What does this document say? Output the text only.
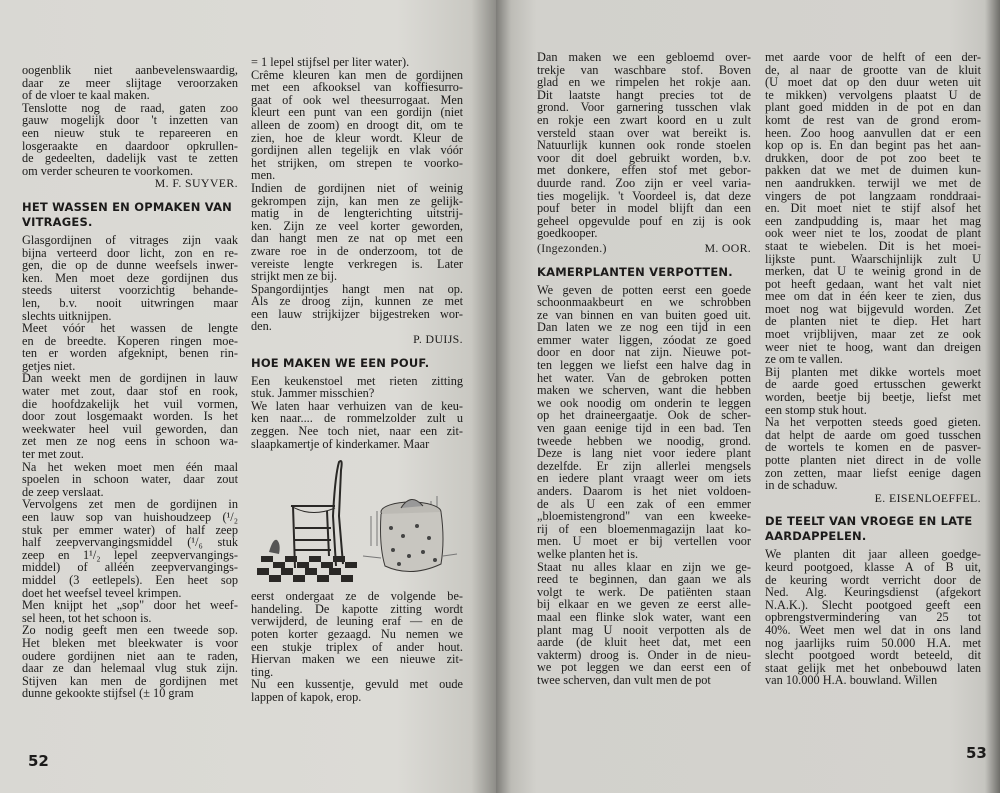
oogenblik niet aanbevelenswaardig,
daar ze meer slijtage veroorzaken
of de vloer te kaal maken.
Tenslotte nog de raad, gaten zoo
gauw mogelijk door 't inzetten van
een nieuw stuk te repareeren en
losgeraakte en daardoor opkrullen-
de gedeelten, dadelijk vast te zetten
om verder scheuren te voorkomen.
M. F. SUYVER.
HET WASSEN EN OPMAKEN VAN
VITRAGES.
Glasgordijnen of vitrages zijn vaak
bijna verteerd door licht, zon en re-
gen, die op de dunne weefsels inwer-
ken. Men moet deze gordijnen dus
steeds uiterst voorzichtig behande-
len, b.v. nooit uitwringen maar
slechts uitknijpen.
Meet vóór het wassen de lengte
en de breedte. Koperen ringen moe-
ten er worden afgeknipt, benen rin-
getjes niet.
Dan weekt men de gordijnen in lauw
water met zout, daar stof en rook,
die hoofdzakelijk het vuil vormen,
door zout losgemaakt worden. Is het
weekwater heel vuil geworden, dan
zet men ze nog eens in schoon wa-
ter met zout.
Na het weken moet men één maal
spoelen in schoon water, daar zout
de zeep verslaat.
Vervolgens zet men de gordijnen in
een lauw sop van huishoudzeep (¹/₂
stuk per emmer water) of half zeep
half zeepvervangingsmiddel (¹/₆ stuk
zeep en 1¹/₂ lepel zeepvervangings-
middel) of alléén zeepvervangings-
middel (3 eetlepels). Een heet sop
doet het weefsel teveel krimpen.
Men knijpt het „sop" door het weef-
sel heen, tot het schoon is.
Zo nodig geeft men een tweede sop.
Het bleken met bleekwater is voor
oudere gordijnen niet aan te raden,
daar ze dan helemaal vlug stuk zijn.
Stijven kan men de gordijnen met
dunne gekookte stijfsel (± 10 gram
= 1 lepel stijfsel per liter water).
Crême kleuren kan men de gordijnen
met een afkooksel van koffiesurro-
gaat of ook wel theesurrogaat. Men
kleurt een punt van een gordijn (niet
alleen de zoom) en droogt dit, om te
zien, hoe de kleur wordt. Kleur de
gordijnen allen tegelijk en vlak vóór
het strijken, om strepen te voorko-
men.
Indien de gordijnen niet of weinig
gekrompen zijn, kan men ze gelijk-
matig in de lengterichting uitstrij-
ken. Zijn ze veel korter geworden,
dan hangt men ze nat op met een
zware roe in de onderzoom, tot de
vereiste lengte verkregen is. Later
strijkt men ze bij.
Spangordijntjes hangt men nat op.
Als ze droog zijn, kunnen ze met
een lauw strijkijzer bijgestreken wor-
den.
P. DUIJS.
HOE MAKEN WE EEN POUF.
Een keukenstoel met rieten zitting
stuk. Jammer misschien?
We laten haar verhuizen van de keu-
ken naar.... de rommelzolder zult u
zeggen. Nee toch niet, naar een zit-
slaapkamertje of kinderkamer. Maar
eerst ondergaat ze de volgende be-
handeling. De kapotte zitting wordt
verwijderd, de leuning eraf — en de
poten korter gezaagd. Nu nemen we
een stukje triplex of ander hout.
Hiervan maken we een nieuwe zit-
ting.
Nu een kussentje, gevuld met oude
lappen of kapok, erop.
52
Dan maken we een gebloemd over-
trekje van waschbare stof. Boven
glad en we rimpelen het rokje aan.
Dit laatste hangt precies tot de
grond. Voor garnering tusschen vlak
en rokje een zwart koord en u zult
versteld staan over wat bereikt is.
Natuurlijk kunnen ook ronde stoelen
voor dit doel gebruikt worden, b.v.
met donkere, effen stof met gebor-
duurde rand. Zoo zijn er veel varia-
ties mogelijk. 't Voordeel is, dat deze
pouf beter in model blijft dan een
geheel opgevulde pouf en zij is ook
goedkooper.
(Ingezonden.)	M. OOR.
KAMERPLANTEN VERPOTTEN.
We geven de potten eerst een goede
schoonmaakbeurt en we schrobben
ze van binnen en van buiten goed uit.
Dan laten we ze nog een tijd in een
emmer water liggen, zóodat ze goed
door en door nat zijn. Nieuwe pot-
ten leggen we liefst een halve dag in
het water. Van de gebroken potten
maken we scherven, want die hebben
we ook noodig om onderin te leggen
op het draineergaatje. Ook de scher-
ven gaan eenige tijd in een bad. Ten
tweede hebben we noodig, grond.
Deze is lang niet voor iedere plant
dezelfde. Er zijn allerlei mengsels
en iedere plant vraagt weer om iets
anders. Daarom is het niet voldoen-
de als U een zak of een emmer
„bloemistengrond" van een kweeke-
rij of een bloemenmagazijn laat ko-
men. U moet er bij vertellen voor
welke planten het is.
Staat nu alles klaar en zijn we ge-
reed te beginnen, dan gaan we als
volgt te werk. De patiënten staan
bij elkaar en we geven ze eerst alle-
maal een flinke slok water, want een
plant mag U nooit verpotten als de
aarde (de kluit heet dat, met een
vakterm) droog is. Onder in de nieu-
we pot leggen we dan eerst een of
twee scherven, dan vult men de pot
met aarde voor de helft of een der-
de, al naar de grootte van de kluit
(U moet dat op den duur weten uit
te mikken) vervolgens plaatst U de
plant goed midden in de pot en dan
komt de rest van de grond erom-
heen. Zoo hoog aanvullen dat er een
kop op is. En dan begint pas het aan-
drukken, door de pot zoo beet te
pakken dat we met de duimen kun-
nen aandrukken. terwijl we met de
vingers de pot langzaam ronddraai-
en. Dit moet niet te stijf alsof het
een zandpudding is, maar het mag
ook weer niet te los, zoodat de plant
staat te wiebelen. Dit is het moei-
lijkste punt. Waarschijnlijk zult U
merken, dat U te weinig grond in de
pot heeft gedaan, want het valt niet
mee om dat in één keer te zien, dus
moet nog wat bijgevuld worden. Zet
de planten niet te diep. Het hart
moet vrijblijven, maar zet ze ook
weer niet te hoog, want dan dreigen
ze om te vallen.
Bij planten met dikke wortels moet
de aarde goed ertusschen gewerkt
worden, beetje bij beetje, liefst met
een stomp stuk hout.
Na het verpotten steeds goed gieten.
dat helpt de aarde om goed tusschen
de wortels te komen en de pasver-
potte planten niet direct in de volle
zon zetten, maar liefst eenige dagen
in de schaduw.
E. EISENLOEFFEL.
DE TEELT VAN VROEGE EN LATE
AARDAPPELEN.
We planten dit jaar alleen goedge-
keurd pootgoed, klasse A of B uit,
de keuring wordt verricht door de
Ned. Alg. Keuringsdienst (afgekort
N.A.K.). Slecht pootgoed geeft een
opbrengstvermindering van 25 tot
40%. Weet men wel dat in ons land
nog jaarlijks ruim 50.000 H.A. met
slecht pootgoed wordt beteeld, dit
staat gelijk met het onbebouwd laten
van 10.000 H.A. bouwland. Willen
53
